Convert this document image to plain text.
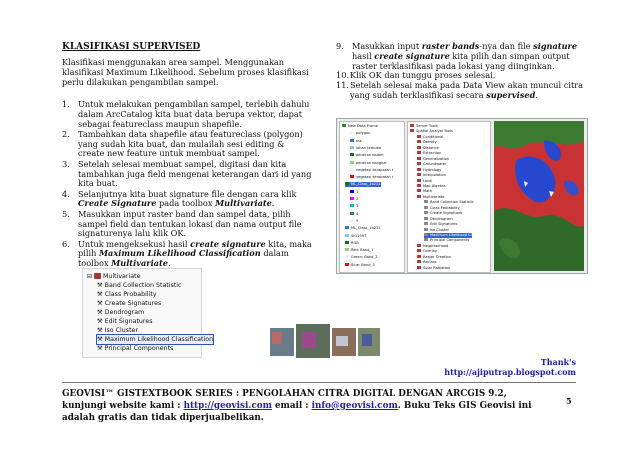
KLASIFIKASI SUPERVISED
Klasifikasi menggunakan area sampel. Menggunakan klasifikasi Maximum Likelihood. Sebelum proses klasifikasi perlu dilakukan pengambilan sampel.
1. Untuk melakukan pengambilan sampel, terlebih dahulu dalam ArcCatalog kita buat data berupa vektor, dapat sebagai featureclass maupun shapefile.
2. Tambahkan data shapefile atau featureclass (polygon) yang sudah kita buat, dan mulailah sesi editing & create new feature untuk membuat sampel.
3. Setelah selesai membuat sampel, digitasi dan kita tambahkan juga field mengenai keterangan dari id yang kita buat.
4. Selanjutnya kita buat signature file dengan cara klik Create Signature pada toolbox Multivariate.
5. Masukkan input raster band dan sampel data, pilih sampel field dan tentukan lokasi dan nama output file signaturenya lalu klik OK.
6. Untuk mengeksekusi hasil create signature kita, maka pilih Maximum Likelihood Classification dalam toolbox Multivariate.
⊟ Multivariate
⚒ Band Collection Statistic
⚒ Class Probability
⚒ Create Signatures
⚒ Dendrogram
⚒ Edit Signatures
⚒ Iso Cluster
⚒ Maximum Likelihood Classification
⚒ Principal Components
9. Masukkan input raster bands-nya dan file signature hasil create signature kita pilih dan simpan output raster terklasifikasi pada lokasi yang diinginkan.
10. Klik OK dan tunggu proses selesai.
11. Setelah selesai maka pada Data View akan muncul citra yang sudah terklasifikasi secara supervised.
New Data Frame
polygon
tak
lahan terbuka
perairan dalam
perairan dangkal
vegetasi kerapatan t
vegetasi kerapatan r
ML_Class_1b231
1
2
3
4
5
ML_Class_1b231
SIG1997
RGB
Red: Band_1
Green: Band_2
Blue: Band_3
Server Tools
Spatial Analyst Tools
Conditional
Density
Distance
Extraction
Generalization
Groundwater
Hydrology
Interpolation
Local
Map Algebra
Math
Multivariate
Band Collection Statistic
Class Probability
Create Signatures
Dendrogram
Edit Signatures
Iso Cluster
Maximum Likelihood Cl
Principal Components
Neighborhood
Overlay
Raster Creation
Reclass
Solar Radiation
Thank's
http://ajiputrap.blogspot.com
GEOVISI™ GISTEXTBOOK SERIES : PENGOLAHAN CITRA DIGITAL DENGAN ARCGIS 9.2,
kunjungi website kami : http://geovisi.com email : info@geovisi.com. Buku Teks GIS Geovisi ini adalah gratis dan tidak diperjualbelikan.
5
